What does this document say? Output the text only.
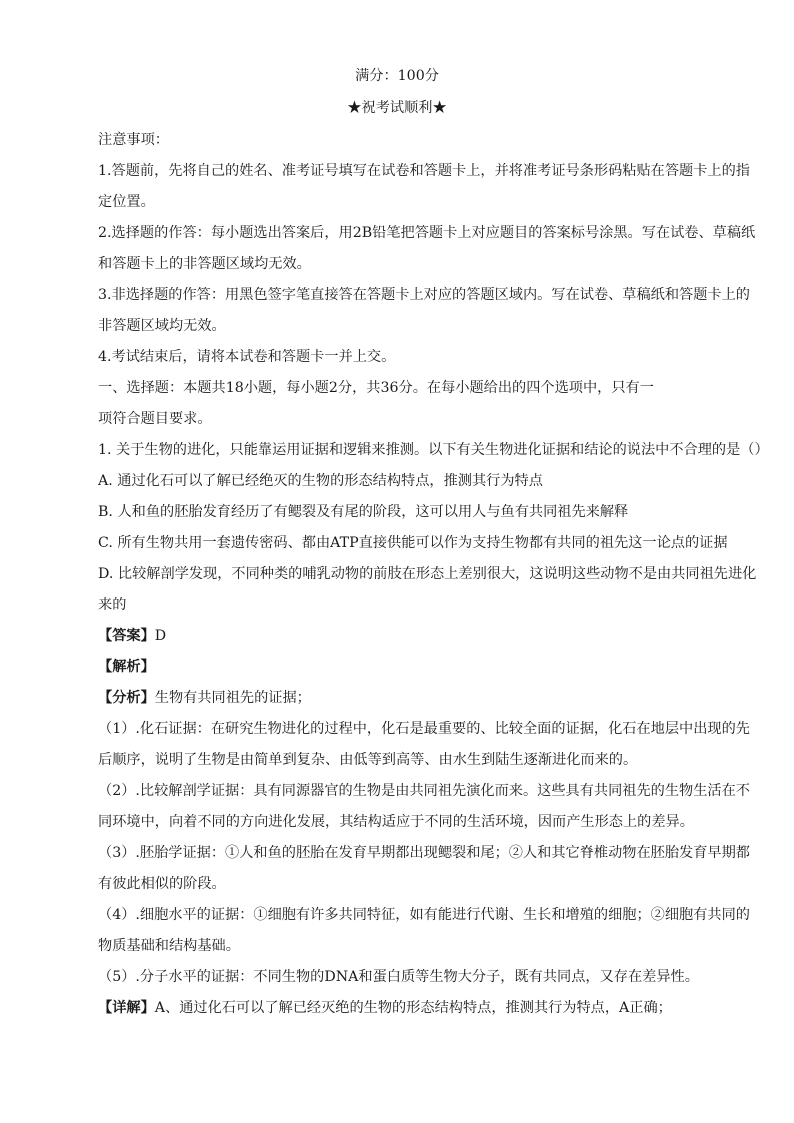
满分：100分
★祝考试顺利★
注意事项：
1.答题前，先将自己的姓名、准考证号填写在试卷和答题卡上，并将准考证号条形码粘贴在答题卡上的指
定位置。
2.选择题的作答：每小题选出答案后，用2B铅笔把答题卡上对应题目的答案标号涂黑。写在试卷、草稿纸
和答题卡上的非答题区域均无效。
3.非选择题的作答：用黑色签字笔直接答在答题卡上对应的答题区域内。写在试卷、草稿纸和答题卡上的
非答题区域均无效。
4.考试结束后，请将本试卷和答题卡一并上交。
一、选择题：本题共18小题，每小题2分，共36分。在每小题给出的四个选项中，只有一
项符合题目要求。
1. 关于生物的进化，只能靠运用证据和逻辑来推测。以下有关生物进化证据和结论的说法中不合理的是（）
A. 通过化石可以了解已经绝灭的生物的形态结构特点，推测其行为特点
B. 人和鱼的胚胎发育经历了有鳃裂及有尾的阶段，这可以用人与鱼有共同祖先来解释
C. 所有生物共用一套遗传密码、都由ATP直接供能可以作为支持生物都有共同的祖先这一论点的证据
D. 比较解剖学发现，不同种类的哺乳动物的前肢在形态上差别很大，这说明这些动物不是由共同祖先进化
来的
【答案】D
【解析】
【分析】生物有共同祖先的证据；
（1）.化石证据：在研究生物进化的过程中，化石是最重要的、比较全面的证据，化石在地层中出现的先
后顺序，说明了生物是由简单到复杂、由低等到高等、由水生到陆生逐渐进化而来的。
（2）.比较解剖学证据：具有同源器官的生物是由共同祖先演化而来。这些具有共同祖先的生物生活在不
同环境中，向着不同的方向进化发展，其结构适应于不同的生活环境，因而产生形态上的差异。
（3）.胚胎学证据：①人和鱼的胚胎在发育早期都出现鳃裂和尾；②人和其它脊椎动物在胚胎发育早期都
有彼此相似的阶段。
（4）.细胞水平的证据：①细胞有许多共同特征，如有能进行代谢、生长和增殖的细胞；②细胞有共同的
物质基础和结构基础。
（5）.分子水平的证据：不同生物的DNA和蛋白质等生物大分子，既有共同点，又存在差异性。
【详解】A、通过化石可以了解已经灭绝的生物的形态结构特点，推测其行为特点，A正确；
